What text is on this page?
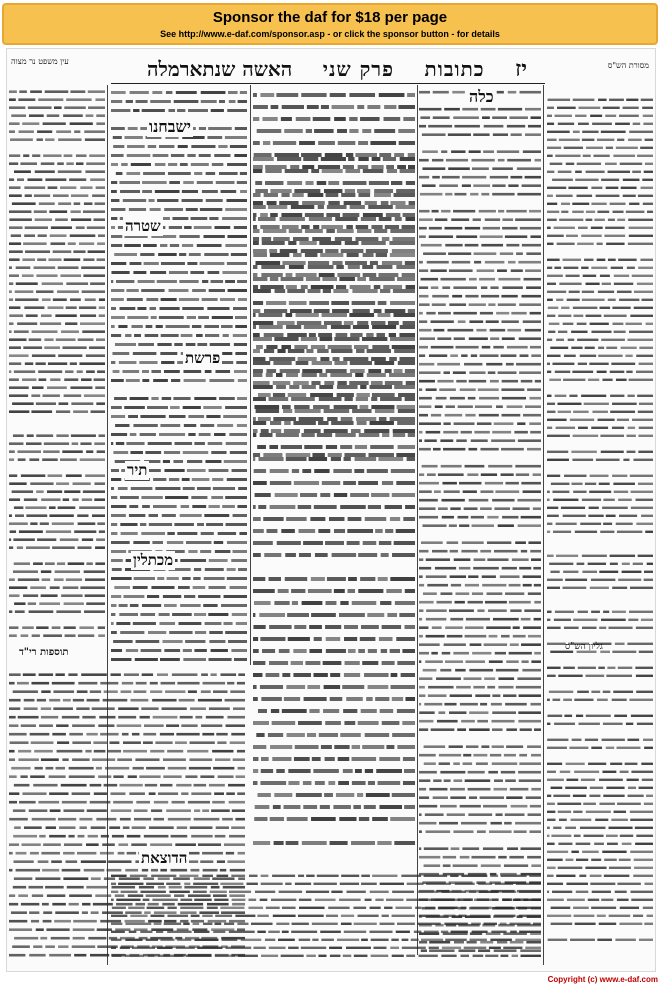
Sponsor the daf for $18 per page
See http://www.e-daf.com/sponsor.asp - or click the sponsor button - for details
יז
כתובות
פרק שני
האשה שנתארמלה
עין משפט נר מצוה	מסורת הש"ס
כלה
ישבחנו
שטרה
פרשת
תיר
מכתלין
הדוצאת
תוספות רי"ד	גליון הש"ס
Copyright (c) www.e-daf.com
